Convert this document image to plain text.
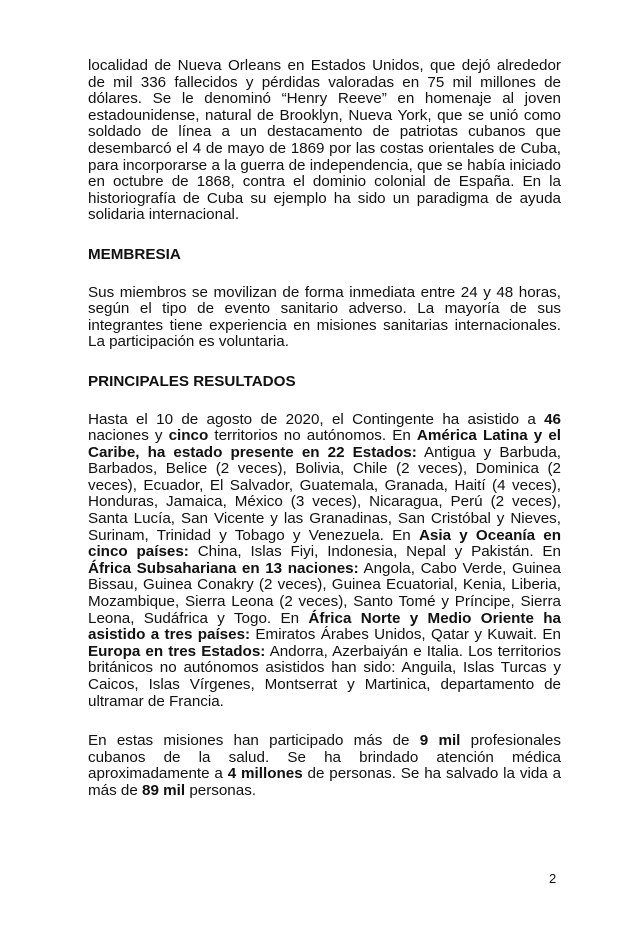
localidad de Nueva Orleans en Estados Unidos, que dejó alrededor de mil 336 fallecidos y pérdidas valoradas en 75 mil millones de dólares. Se le denominó “Henry Reeve” en homenaje al joven estadounidense, natural de Brooklyn, Nueva York, que se unió como soldado de línea a un destacamento de patriotas cubanos que desembarcó el 4 de mayo de 1869 por las costas orientales de Cuba, para incorporarse a la guerra de independencia, que se había iniciado en octubre de 1868, contra el dominio colonial de España. En la historiografía de Cuba su ejemplo ha sido un paradigma de ayuda solidaria internacional.

MEMBRESIA

Sus miembros se movilizan de forma inmediata entre 24 y 48 horas, según el tipo de evento sanitario adverso. La mayoría de sus integrantes tiene experiencia en misiones sanitarias internacionales. La participación es voluntaria.

PRINCIPALES RESULTADOS

Hasta el 10 de agosto de 2020, el Contingente ha asistido a 46 naciones y cinco territorios no autónomos. En América Latina y el Caribe, ha estado presente en 22 Estados: Antigua y Barbuda, Barbados, Belice (2 veces), Bolivia, Chile (2 veces), Dominica (2 veces), Ecuador, El Salvador, Guatemala, Granada, Haití (4 veces), Honduras, Jamaica, México (3 veces), Nicaragua, Perú (2 veces), Santa Lucía, San Vicente y las Granadinas, San Cristóbal y Nieves, Surinam, Trinidad y Tobago y Venezuela. En Asia y Oceanía en cinco países: China, Islas Fiyi, Indonesia, Nepal y Pakistán. En África Subsahariana en 13 naciones: Angola, Cabo Verde, Guinea Bissau, Guinea Conakry (2 veces), Guinea Ecuatorial, Kenia, Liberia, Mozambique, Sierra Leona (2 veces), Santo Tomé y Príncipe, Sierra Leona, Sudáfrica y Togo. En África Norte y Medio Oriente ha asistido a tres países: Emiratos Árabes Unidos, Qatar y Kuwait. En Europa en tres Estados: Andorra, Azerbaiyán e Italia. Los territorios británicos no autónomos asistidos han sido: Anguila, Islas Turcas y Caicos, Islas Vírgenes, Montserrat y Martinica, departamento de ultramar de Francia.

En estas misiones han participado más de 9 mil profesionales cubanos de la salud. Se ha brindado atención médica aproximadamente a 4 millones de personas. Se ha salvado la vida a más de 89 mil personas.

2
